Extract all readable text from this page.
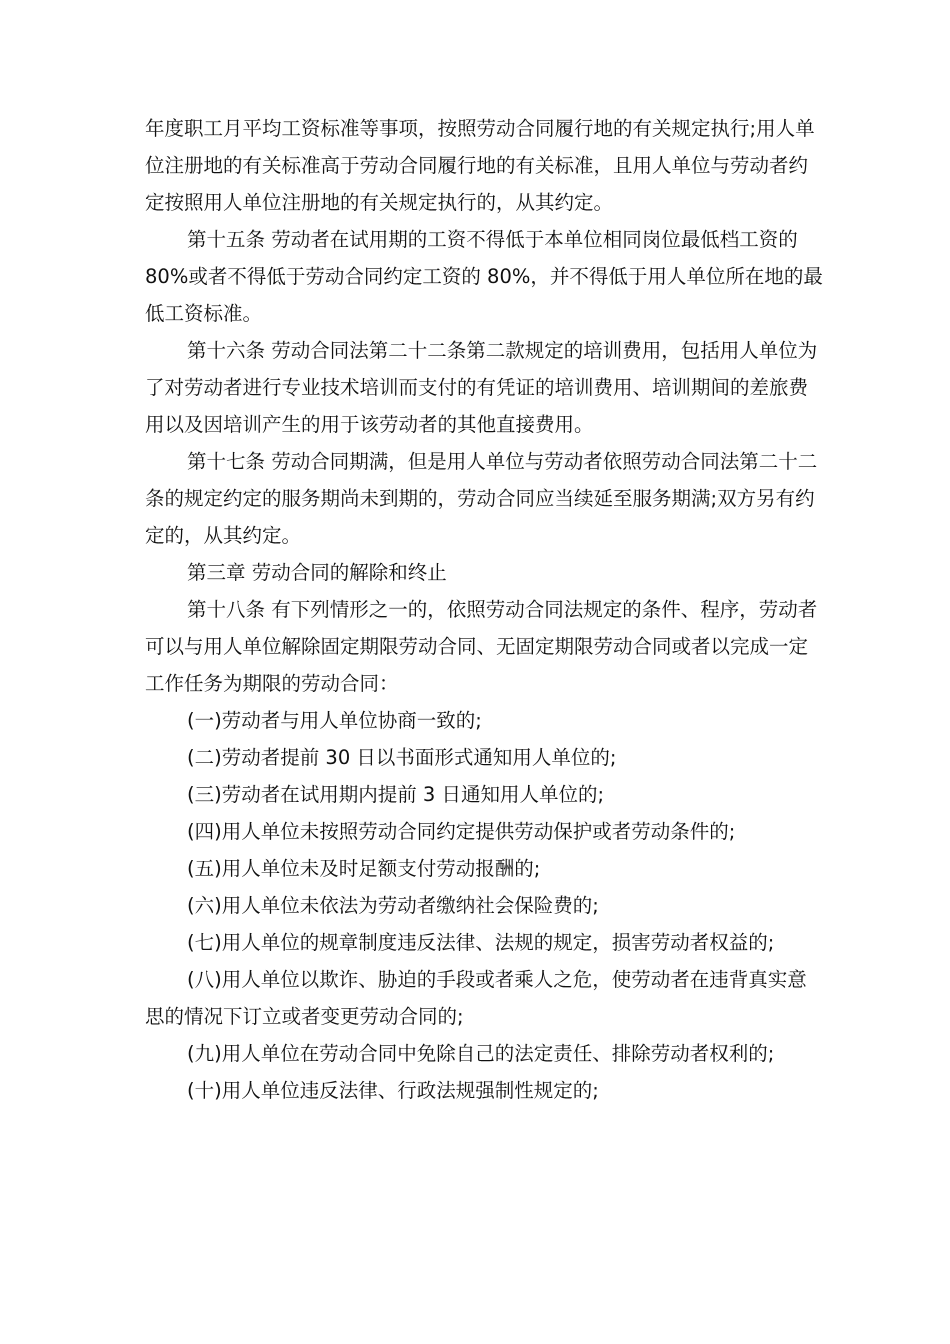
年度职工月平均工资标准等事项，按照劳动合同履行地的有关规定执行;用人单位注册地的有关标准高于劳动合同履行地的有关标准，且用人单位与劳动者约定按照用人单位注册地的有关规定执行的，从其约定。

第十五条 劳动者在试用期的工资不得低于本单位相同岗位最低档工资的 80%或者不得低于劳动合同约定工资的 80%，并不得低于用人单位所在地的最低工资标准。

第十六条 劳动合同法第二十二条第二款规定的培训费用，包括用人单位为了对劳动者进行专业技术培训而支付的有凭证的培训费用、培训期间的差旅费用以及因培训产生的用于该劳动者的其他直接费用。

第十七条 劳动合同期满，但是用人单位与劳动者依照劳动合同法第二十二条的规定约定的服务期尚未到期的，劳动合同应当续延至服务期满;双方另有约定的，从其约定。

第三章 劳动合同的解除和终止

第十八条 有下列情形之一的，依照劳动合同法规定的条件、程序，劳动者可以与用人单位解除固定期限劳动合同、无固定期限劳动合同或者以完成一定工作任务为期限的劳动合同：

(一)劳动者与用人单位协商一致的;

(二)劳动者提前 30 日以书面形式通知用人单位的;

(三)劳动者在试用期内提前 3 日通知用人单位的;

(四)用人单位未按照劳动合同约定提供劳动保护或者劳动条件的;

(五)用人单位未及时足额支付劳动报酬的;

(六)用人单位未依法为劳动者缴纳社会保险费的;

(七)用人单位的规章制度违反法律、法规的规定，损害劳动者权益的;

(八)用人单位以欺诈、胁迫的手段或者乘人之危，使劳动者在违背真实意思的情况下订立或者变更劳动合同的;

(九)用人单位在劳动合同中免除自己的法定责任、排除劳动者权利的;

(十)用人单位违反法律、行政法规强制性规定的;
